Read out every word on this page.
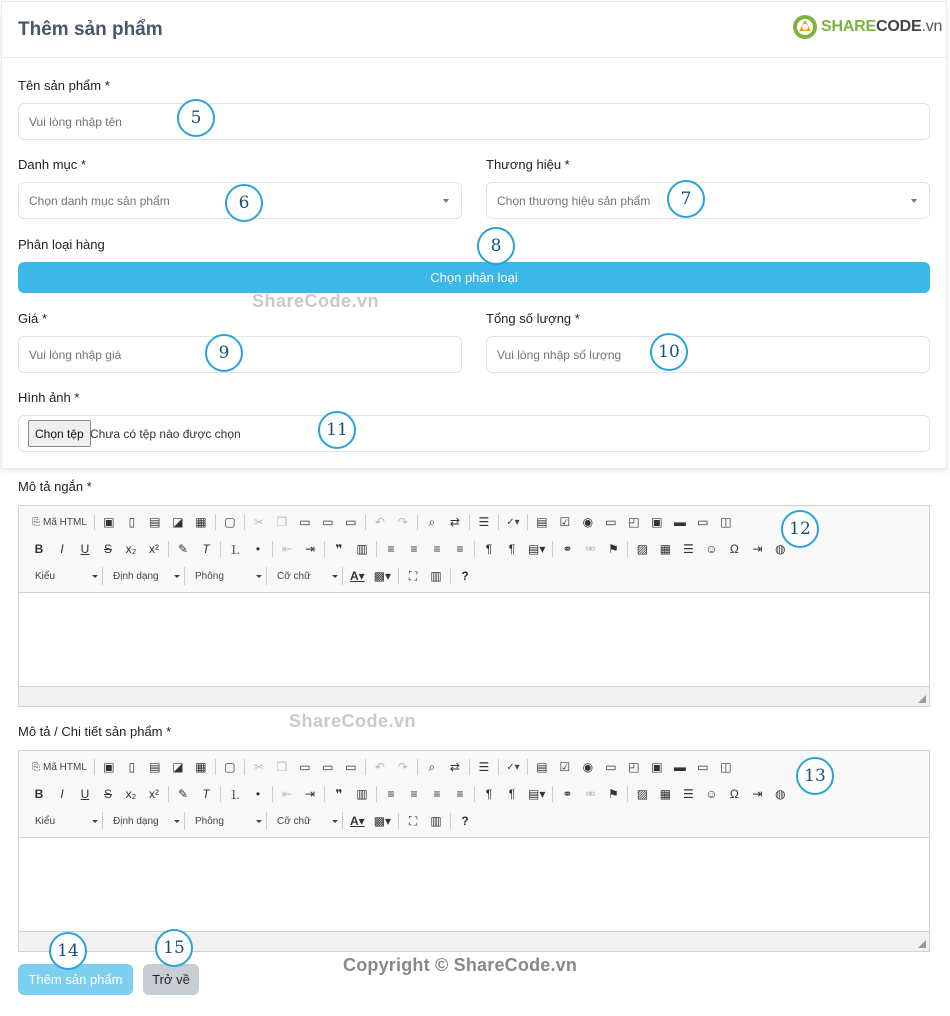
Thêm sản phẩm	SHARECODE.vn
Tên sản phẩm *
Vui lòng nhập tên
Danh mục *
Chọn danh mục sản phẩm
Thương hiệu *
Chọn thương hiệu sản phẩm
Phân loại hàng
Chọn phân loại
Giá *
Vui lòng nhập giá
Tổng số lượng *
Vui lòng nhập số lượng
Hình ảnh *
Chọn tệp Chưa có tệp nào được chọn
Mô tả ngắn *
⎘ Mã HTML	▣	▯	▤ ◪ ▦	▢	✂	❐ ▭ ▭ ▭	↶	↷	⌕	⇄	☰	✓▾	▤ ☑	◉	▭ ◰ ▣ ▬ ▭ ◫
B	I	U	S	x₂	x²	✎	T	⒈	•	⇤	⇥	❞	▥	≡	≡	≡	≡	¶	¶	▤▾	⚭	⚮	⚑	▨ ▦ ☰ ☺	Ω	⇥	◍
Kiểu	Định dạng	Phông	Cỡ chữ	A▾ ▩▾	⛶	▥	?
Mô tả / Chi tiết sản phẩm *
⎘ Mã HTML	▣	▯	▤ ◪ ▦	▢	✂	❐ ▭ ▭ ▭	↶	↷	⌕	⇄	☰	✓▾	▤ ☑	◉	▭ ◰ ▣ ▬ ▭ ◫
B	I	U	S	x₂	x²	✎	T	⒈	•	⇤	⇥	❞	▥	≡	≡	≡	≡	¶	¶	▤▾	⚭	⚮	⚑	▨ ▦ ☰ ☺	Ω	⇥	◍
Kiểu	Định dạng	Phông	Cỡ chữ	A▾ ▩▾	⛶	▥	?
Thêm sản phẩm	Trở về
ShareCode.vn
ShareCode.vn
Copyright © ShareCode.vn
5
6	7
8
9	10
11
12
13
14	15
